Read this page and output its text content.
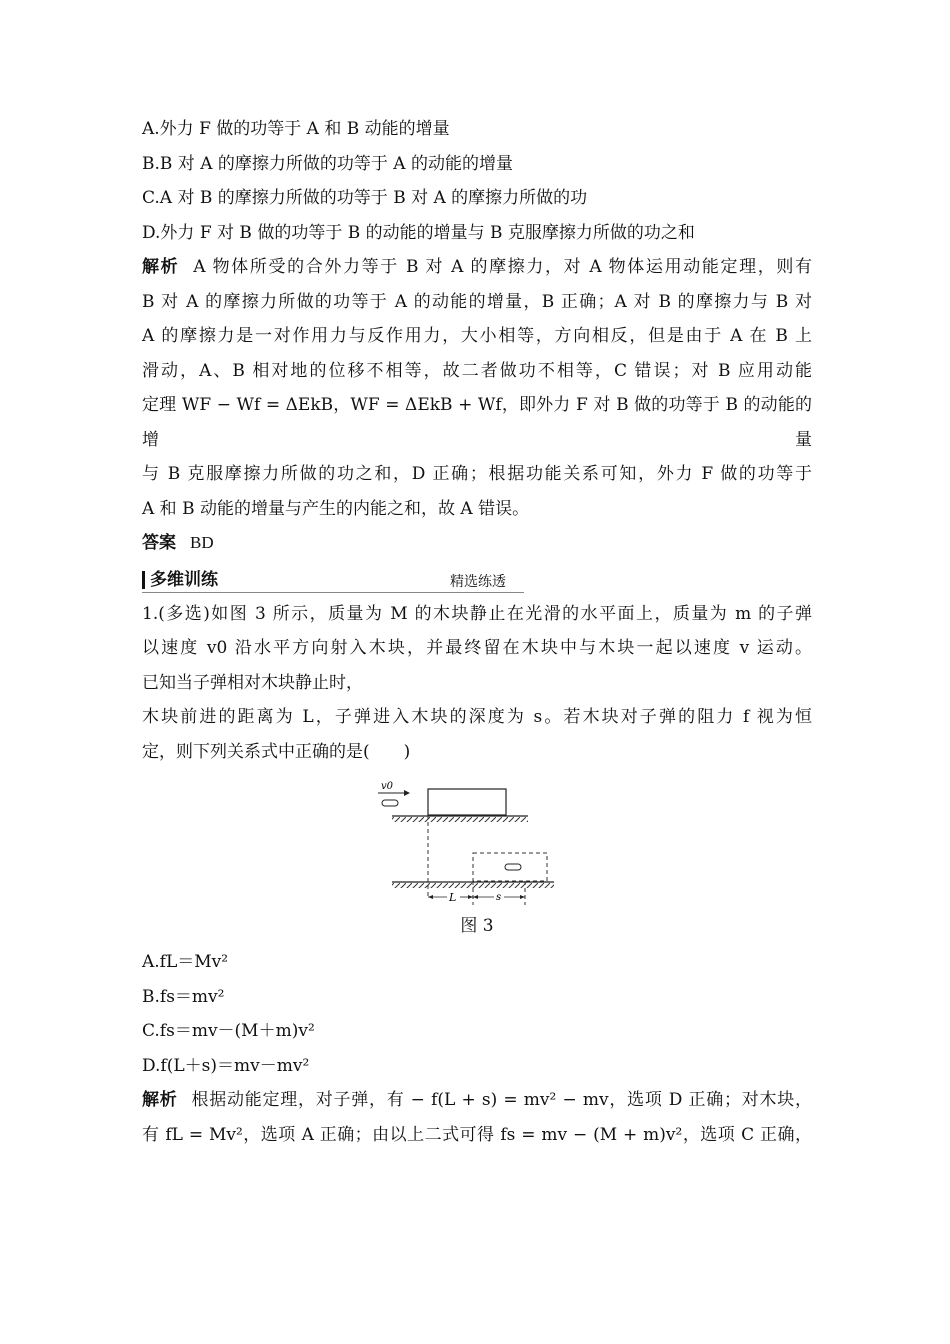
A.外力 F 做的功等于 A 和 B 动能的增量
B.B 对 A 的摩擦力所做的功等于 A 的动能的增量
C.A 对 B 的摩擦力所做的功等于 B 对 A 的摩擦力所做的功
D.外力 F 对 B 做的功等于 B 的动能的增量与 B 克服摩擦力所做的功之和
解析 A 物体所受的合外力等于 B 对 A 的摩擦力，对 A 物体运用动能定理，则有
B 对 A 的摩擦力所做的功等于 A 的动能的增量，B 正确；A 对 B 的摩擦力与 B 对
A 的摩擦力是一对作用力与反作用力，大小相等，方向相反，但是由于 A 在 B 上
滑动，A、B 相对地的位移不相等，故二者做功不相等，C 错误；对 B 应用动能
定理 WF − Wf = ΔEkB，WF = ΔEkB + Wf，即外力 F 对 B 做的功等于 B 的动能的增量
与 B 克服摩擦力所做的功之和，D 正确；根据功能关系可知，外力 F 做的功等于
A 和 B 动能的增量与产生的内能之和，故 A 错误。
答案 BD
多维训练	精选练透
1.(多选)如图 3 所示，质量为 M 的木块静止在光滑的水平面上，质量为 m 的子弹
以速度 v0 沿水平方向射入木块，并最终留在木块中与木块一起以速度 v 运动。
已知当子弹相对木块静止时，
木块前进的距离为 L，子弹进入木块的深度为 s。若木块对子弹的阻力 f 视为恒
定，则下列关系式中正确的是(　　)
v0
L	s
图 3
A.fL＝Mv²
B.fs＝mv²
C.fs＝mv－(M＋m)v²
D.f(L＋s)＝mv－mv²
解析 根据动能定理，对子弹，有 − f(L + s) = mv² − mv，选项 D 正确；对木块，
有 fL = Mv²，选项 A 正确；由以上二式可得 fs = mv − (M + m)v²，选项 C 正确，
